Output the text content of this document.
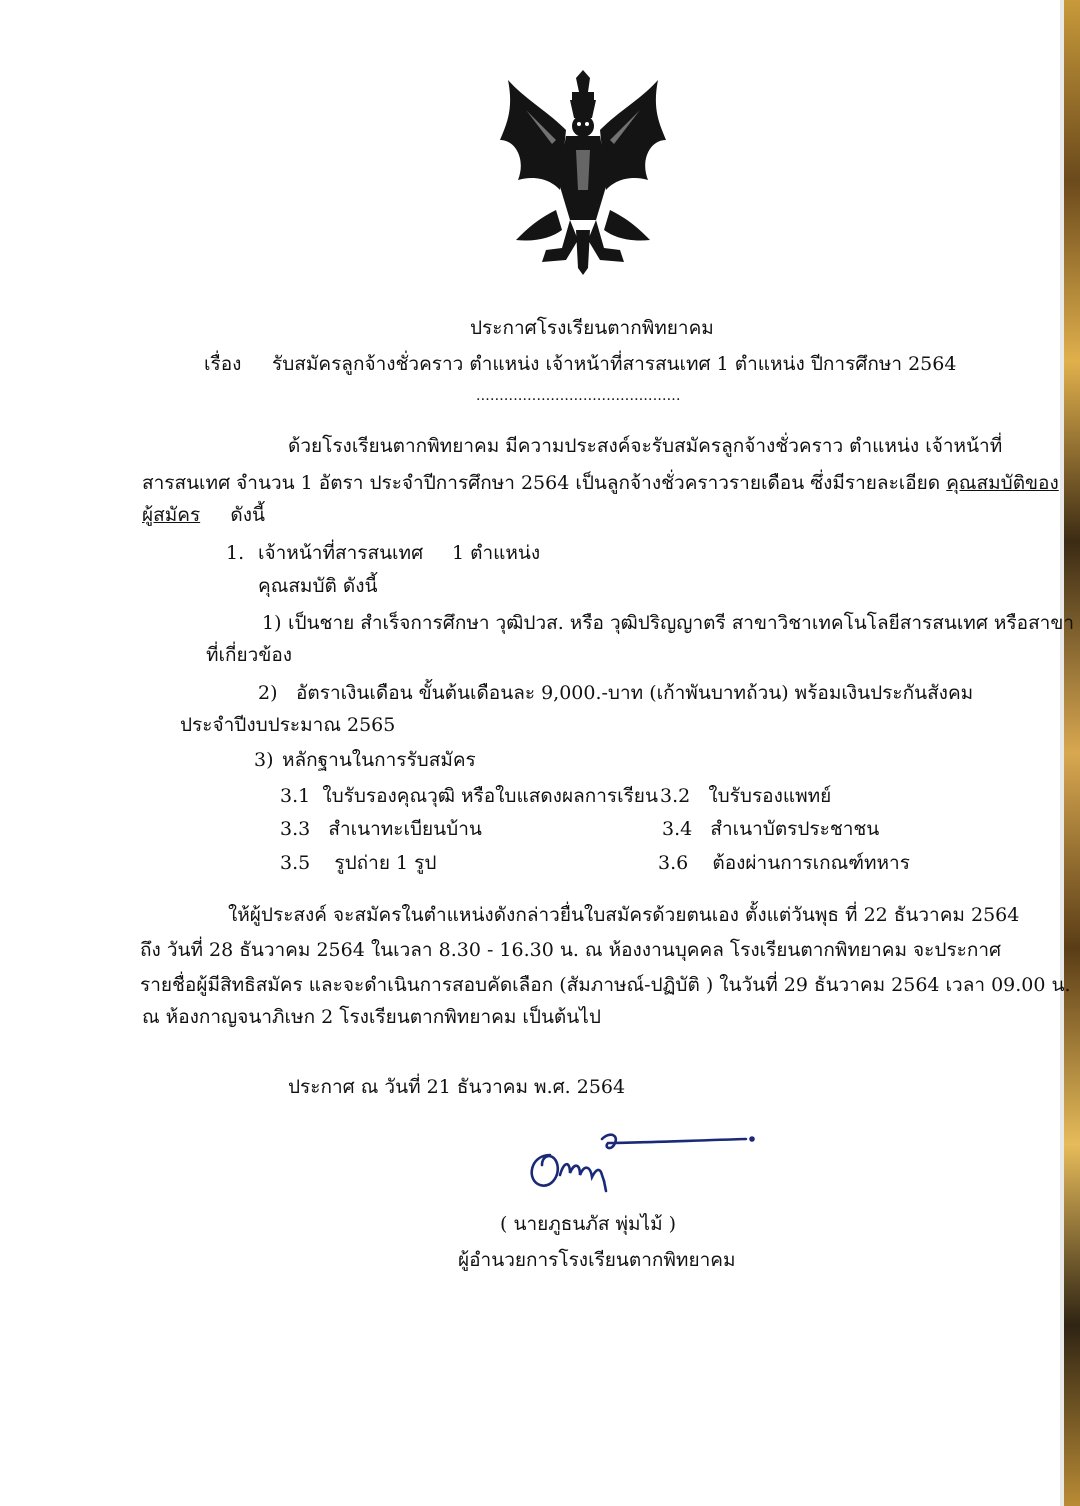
ประกาศโรงเรียนตากพิทยาคม
เรื่อง รับสมัครลูกจ้างชั่วคราว ตำแหน่ง เจ้าหน้าที่สารสนเทศ 1 ตำแหน่ง ปีการศึกษา 2564
............................................
ด้วยโรงเรียนตากพิทยาคม มีความประสงค์จะรับสมัครลูกจ้างชั่วคราว ตำแหน่ง เจ้าหน้าที่
สารสนเทศ จำนวน 1 อัตรา ประจำปีการศึกษา 2564 เป็นลูกจ้างชั่วคราวรายเดือน ซึ่งมีรายละเอียด คุณสมบัติของ
ผู้สมัคร ดังนี้
1. เจ้าหน้าที่สารสนเทศ 1 ตำแหน่ง
คุณสมบัติ ดังนี้
1) เป็นชาย สำเร็จการศึกษา วุฒิปวส. หรือ วุฒิปริญญาตรี สาขาวิชาเทคโนโลยีสารสนเทศ หรือสาขา
ที่เกี่ยวข้อง
2) อัตราเงินเดือน ขั้นต้นเดือนละ 9,000.-บาท (เก้าพันบาทถ้วน) พร้อมเงินประกันสังคม
ประจำปีงบประมาณ 2565
3) หลักฐานในการรับสมัคร
3.1 ใบรับรองคุณวุฒิ หรือใบแสดงผลการเรียน 3.2 ใบรับรองแพทย์
3.3 สำเนาทะเบียนบ้าน	3.4 สำเนาบัตรประชาชน
3.5 รูปถ่าย 1 รูป	3.6 ต้องผ่านการเกณฑ์ทหาร
ให้ผู้ประสงค์ จะสมัครในตำแหน่งดังกล่าวยื่นใบสมัครด้วยตนเอง ตั้งแต่วันพุธ ที่ 22 ธันวาคม 2564
ถึง วันที่ 28 ธันวาคม 2564 ในเวลา 8.30 - 16.30 น. ณ ห้องงานบุคคล โรงเรียนตากพิทยาคม จะประกาศ
รายชื่อผู้มีสิทธิสมัคร และจะดำเนินการสอบคัดเลือก (สัมภาษณ์-ปฏิบัติ ) ในวันที่ 29 ธันวาคม 2564 เวลา 09.00 น.
ณ ห้องกาญจนาภิเษก 2 โรงเรียนตากพิทยาคม เป็นต้นไป
ประกาศ ณ วันที่ 21 ธันวาคม พ.ศ. 2564
( นายภูธนภัส พุ่มไม้ )
ผู้อำนวยการโรงเรียนตากพิทยาคม
